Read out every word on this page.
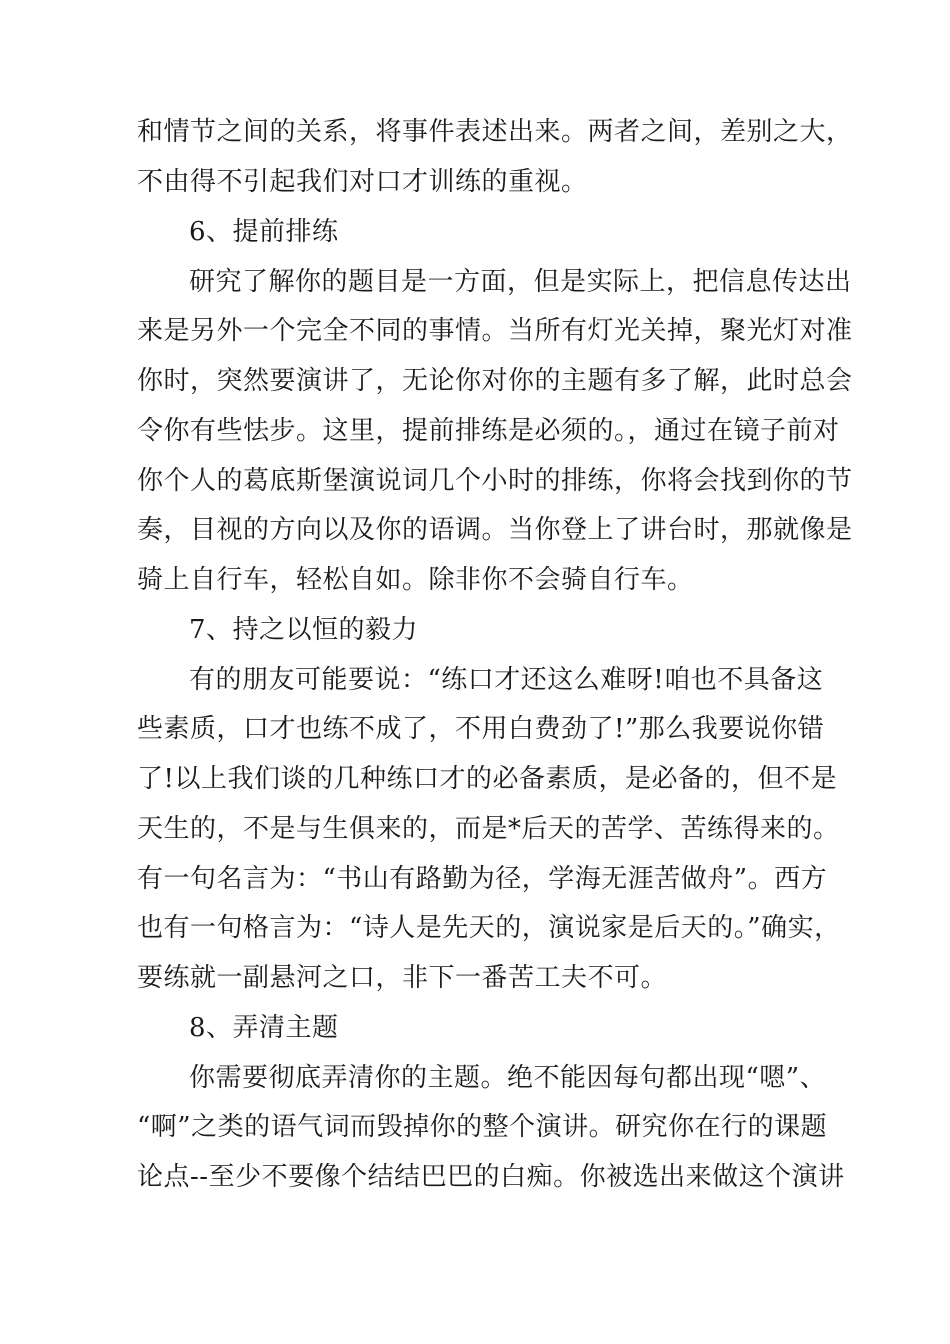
和情节之间的关系，将事件表述出来。两者之间，差别之大，
不由得不引起我们对口才训练的重视。
6、提前排练
研究了解你的题目是一方面，但是实际上，把信息传达出
来是另外一个完全不同的事情。当所有灯光关掉，聚光灯对准
你时，突然要演讲了，无论你对你的主题有多了解，此时总会
令你有些怯步。这里，提前排练是必须的。，通过在镜子前对
你个人的葛底斯堡演说词几个小时的排练，你将会找到你的节
奏，目视的方向以及你的语调。当你登上了讲台时，那就像是
骑上自行车，轻松自如。除非你不会骑自行车。
7、持之以恒的毅力
有的朋友可能要说：“练口才还这么难呀!咱也不具备这
些素质，口才也练不成了，不用白费劲了!”那么我要说你错
了!以上我们谈的几种练口才的必备素质，是必备的，但不是
天生的，不是与生俱来的，而是*后天的苦学、苦练得来的。
有一句名言为：“书山有路勤为径，学海无涯苦做舟”。西方
也有一句格言为：“诗人是先天的，演说家是后天的。”确实，
要练就一副悬河之口，非下一番苦工夫不可。
8、弄清主题
你需要彻底弄清你的主题。绝不能因每句都出现“嗯”、
“啊”之类的语气词而毁掉你的整个演讲。研究你在行的课题
论点--至少不要像个结结巴巴的白痴。你被选出来做这个演讲
